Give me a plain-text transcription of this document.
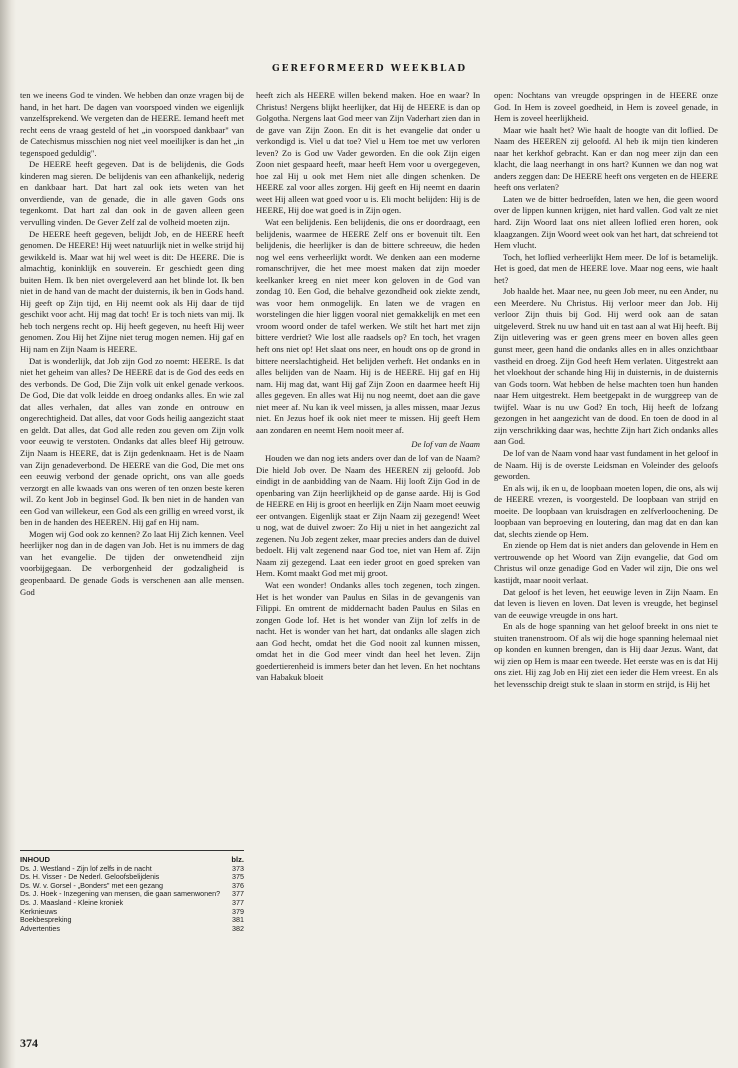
GEREFORMEERD WEEKBLAD

ten we ineens God te vinden. We hebben dan onze vragen bij de hand, in het hart. De dagen van voorspoed vinden we eigenlijk vanzelfsprekend. We vergeten dan de HEERE. Iemand heeft met recht eens de vraag gesteld of het „in voorspoed dankbaar" van de Catechismus misschien nog niet veel moeilijker is dan het „in tegenspoed geduldig".

De HEERE heeft gegeven. Dat is de belijdenis, die Gods kinderen mag sieren. De belijdenis van een afhankelijk, nederig en dankbaar hart. Dat hart zal ook iets weten van het onverdiende, van de genade, die in alle gaven Gods ons tegenkomt. Dat hart zal dan ook in de gaven alleen geen vervulling vinden. De Gever Zelf zal de volheid moeten zijn.

De HEERE heeft gegeven, belijdt Job, en de HEERE heeft genomen. De HEERE! Hij weet natuurlijk niet in welke strijd hij gewikkeld is. Maar wat hij wel weet is dit: De HEERE. Die is almachtig, koninklijk en souverein. Er geschiedt geen ding buiten Hem. Ik ben niet overgeleverd aan het blinde lot. Ik ben niet in de hand van de macht der duisternis, ik ben in Gods hand. Hij geeft op Zijn tijd, en Hij neemt ook als Hij daar de tijd geschikt voor acht. Hij mag dat toch! Er is toch niets van mij. Ik heb toch nergens recht op. Hij heeft gegeven, nu heeft Hij weer genomen. Zou Hij het Zijne niet terug mogen nemen. Hij gaf en Hij nam en Zijn Naam is HEERE.

Dat is wonderlijk, dat Job zijn God zo noemt: HEERE. Is dat niet het geheim van alles? De HEERE dat is de God des eeds en des verbonds. De God, Die Zijn volk uit enkel genade verkoos. De God, Die dat volk leidde en droeg ondanks alles. En wie zal dat alles verhalen, dat alles van zonde en ontrouw en ongerechtigheid. Dat alles, dat voor Gods heilig aangezicht staat en geldt. Dat alles, dat God alle reden zou geven om Zijn volk voor eeuwig te verstoten. Ondanks dat alles bleef Hij getrouw. Zijn Naam is HEERE, dat is Zijn gedenknaam. Het is de Naam van Zijn genadeverbond. De HEERE van die God, Die met ons een eeuwig verbond der genade opricht, ons van alle goeds verzorgt en alle kwaads van ons weren of ten onzen beste keren wil. Zo kent Job in beginsel God. Ik ben niet in de handen van een God van willekeur, een God als een grillig en wreed vorst, ik ben in de handen des HEEREN. Hij gaf en Hij nam.

Mogen wij God ook zo kennen? Zo laat Hij Zich kennen. Veel heerlijker nog dan in de dagen van Job. Het is nu immers de dag van het evangelie. De tijden der onwetendheid zijn voorbijgegaan. De verborgenheid der godzaligheid is geopenbaard. De genade Gods is verschenen aan alle mensen. God

heeft zich als HEERE willen bekend maken. Hoe en waar? In Christus! Nergens blijkt heerlijker, dat Hij de HEERE is dan op Golgotha. Nergens laat God meer van Zijn Vaderhart zien dan in de gave van Zijn Zoon. En dit is het evangelie dat onder u verkondigd is. Viel u dat toe? Viel u Hem toe met uw verloren leven? Zo is God uw Vader geworden. En die ook Zijn eigen Zoon niet gespaard heeft, maar heeft Hem voor u overgegeven, hoe zal Hij u ook met Hem niet alle dingen schenken. De HEERE zal voor alles zorgen. Hij geeft en Hij neemt en daarin weet Hij alleen wat goed voor u is. Eli mocht belijden: Hij is de HEERE, Hij doe wat goed is in Zijn ogen.

Wat een belijdenis. Een belijdenis, die ons er doordraagt, een belijdenis, waarmee de HEERE Zelf ons er bovenuit tilt. Een belijdenis, die heerlijker is dan de bittere schreeuw, die heden nog wel eens verheerlijkt wordt. We denken aan een moderne romanschrijver, die het mee moest maken dat zijn moeder keelkanker kreeg en niet meer kon geloven in de God van zondag 10. Een God, die behalve gezondheid ook ziekte zendt, was voor hem onmogelijk. En laten we de vragen en worstelingen die hier liggen vooral niet gemakkelijk en met een vroom woord onder de tafel werken. We stilt het hart met zijn bittere verdriet? Wie lost alle raadsels op? En toch, het vragen heft ons niet op! Het slaat ons neer, en houdt ons op de grond in bittere neerslachtigheid. Het belijden verheft. Het ondanks en in alles belijden van de Naam. Hij is de HEERE. Hij gaf en Hij nam. Hij mag dat, want Hij gaf Zijn Zoon en daarmee heeft Hij alles gegeven. En alles wat Hij nu nog neemt, doet aan die gave niet meer af. Nu kan ik veel missen, ja alles missen, maar Jezus niet. En Jezus hoef ik ook niet meer te missen. Hij geeft Hem aan zondaren en neemt Hem nooit meer af.

De lof van de Naam

Houden we dan nog iets anders over dan de lof van de Naam? Die hield Job over. De Naam des HEEREN zij geloofd. Job eindigt in de aanbidding van de Naam. Hij looft Zijn God in de openbaring van Zijn heerlijkheid op de ganse aarde. Hij is God de HEERE en Hij is groot en heerlijk en Zijn Naam moet eeuwig eer ontvangen. Eigenlijk staat er Zijn Naam zij gezegend! Weet u nog, wat de duivel zwoer: Zo Hij u niet in het aangezicht zal zegenen. Nu Job zegent zeker, maar precies anders dan de duivel bedoelt. Hij valt zegenend naar God toe, niet van Hem af. Zijn Naam zij gezegend. Laat een ieder groot en goed spreken van Hem. Komt maakt God met mij groot.

Wat een wonder! Ondanks alles toch zegenen, toch zingen. Het is het wonder van Paulus en Silas in de gevangenis van Filippi. En omtrent de middernacht baden Paulus en Silas en zongen Gode lof. Het is het wonder van Zijn lof zelfs in de nacht. Het is wonder van het hart, dat ondanks alle slagen zich aan God hecht, omdat het die God nooit zal kunnen missen, omdat het in die God meer vindt dan heel het leven. Zijn goedertierenheid is immers beter dan het leven. En het nochtans van Habakuk bloeit

open: Nochtans van vreugde opspringen in de HEERE onze God. In Hem is zoveel goedheid, in Hem is zoveel genade, in Hem is zoveel heerlijkheid.

Maar wie haalt het? Wie haalt de hoogte van dit loflied. De Naam des HEEREN zij geloofd. Al heb ik mijn tien kinderen naar het kerkhof gebracht. Kan er dan nog meer zijn dan een klacht, die laag neerhangt in ons hart? Kunnen we dan nog wat anders zeggen dan: De HEERE heeft ons vergeten en de HEERE heeft ons verlaten?

Laten we de bitter bedroefden, laten we hen, die geen woord over de lippen kunnen krijgen, niet hard vallen. God valt ze niet hard. Zijn Woord laat ons niet alleen loflied eren horen, ook klaagzangen. Zijn Woord weet ook van het hart, dat schreiend tot Hem vlucht.

Toch, het loflied verheerlijkt Hem meer. De lof is betamelijk. Het is goed, dat men de HEERE love. Maar nog eens, wie haalt het?

Job haalde het. Maar nee, nu geen Job meer, nu een Ander, nu een Meerdere. Nu Christus. Hij verloor meer dan Job. Hij verloor Zijn thuis bij God. Hij werd ook aan de satan uitgeleverd. Strek nu uw hand uit en tast aan al wat Hij heeft. Bij Zijn uitlevering was er geen grens meer en boven alles geen gunst meer, geen hand die ondanks alles en in alles onzichtbaar vastheid en droeg. Zijn God heeft Hem verlaten. Uitgestrekt aan het vloekhout der schande hing Hij in duisternis, in de duisternis van Gods toorn. Wat hebben de helse machten toen hun handen naar Hem uitgestrekt. Hem beetgepakt in de wurggreep van de twijfel. Waar is nu uw God? En toch, Hij heeft de lofzang gezongen in het aangezicht van de dood. En toen de dood in al zijn verschrikking daar was, hechtte Zijn hart Zich ondanks alles aan God.

De lof van de Naam vond haar vast fundament in het geloof in de Naam. Hij is de overste Leidsman en Voleinder des geloofs geworden.

En als wij, ik en u, de loopbaan moeten lopen, die ons, als wij de HEERE vrezen, is voorgesteld. De loopbaan van strijd en moeite. De loopbaan van kruisdragen en zelfverloochening. De loopbaan van beproeving en loutering, dan mag dat en dan kan dat, slechts ziende op Hem.

En ziende op Hem dat is niet anders dan gelovende in Hem en vertrouwende op het Woord van Zijn evangelie, dat God om Christus wil onze genadige God en Vader wil zijn, Die ons wel kastijdt, maar nooit verlaat.

Dat geloof is het leven, het eeuwige leven in Zijn Naam. En dat leven is lieven en loven. Dat leven is vreugde, het beginsel van de eeuwige vreugde in ons hart.

En als de hoge spanning van het geloof breekt in ons niet te stuiten tranenstroom. Of als wij die hoge spanning helemaal niet op konden en kunnen brengen, dan is Hij daar Jezus. Want, dat wij zien op Hem is maar een tweede. Het eerste was en is dat Hij ons ziet. Hij zag Job en Hij ziet een ieder die Hem vreest. En als het levensschip dreigt stuk te slaan in storm en strijd, is Hij het

INHOUD	blz.
Ds. J. Westland - Zijn lof zelfs in de nacht	373
Ds. H. Visser - De Nederl. Geloofsbelijdenis	375
Ds. W. v. Gorsel - „Bonders" met een gezang	376
Ds. J. Hoek - Inzegening van mensen, die gaan samenwonen?	377
Ds. J. Maasland - Kleine kroniek	377
Kerknieuws	379
Boekbespreking	381
Advertenties	382
374
